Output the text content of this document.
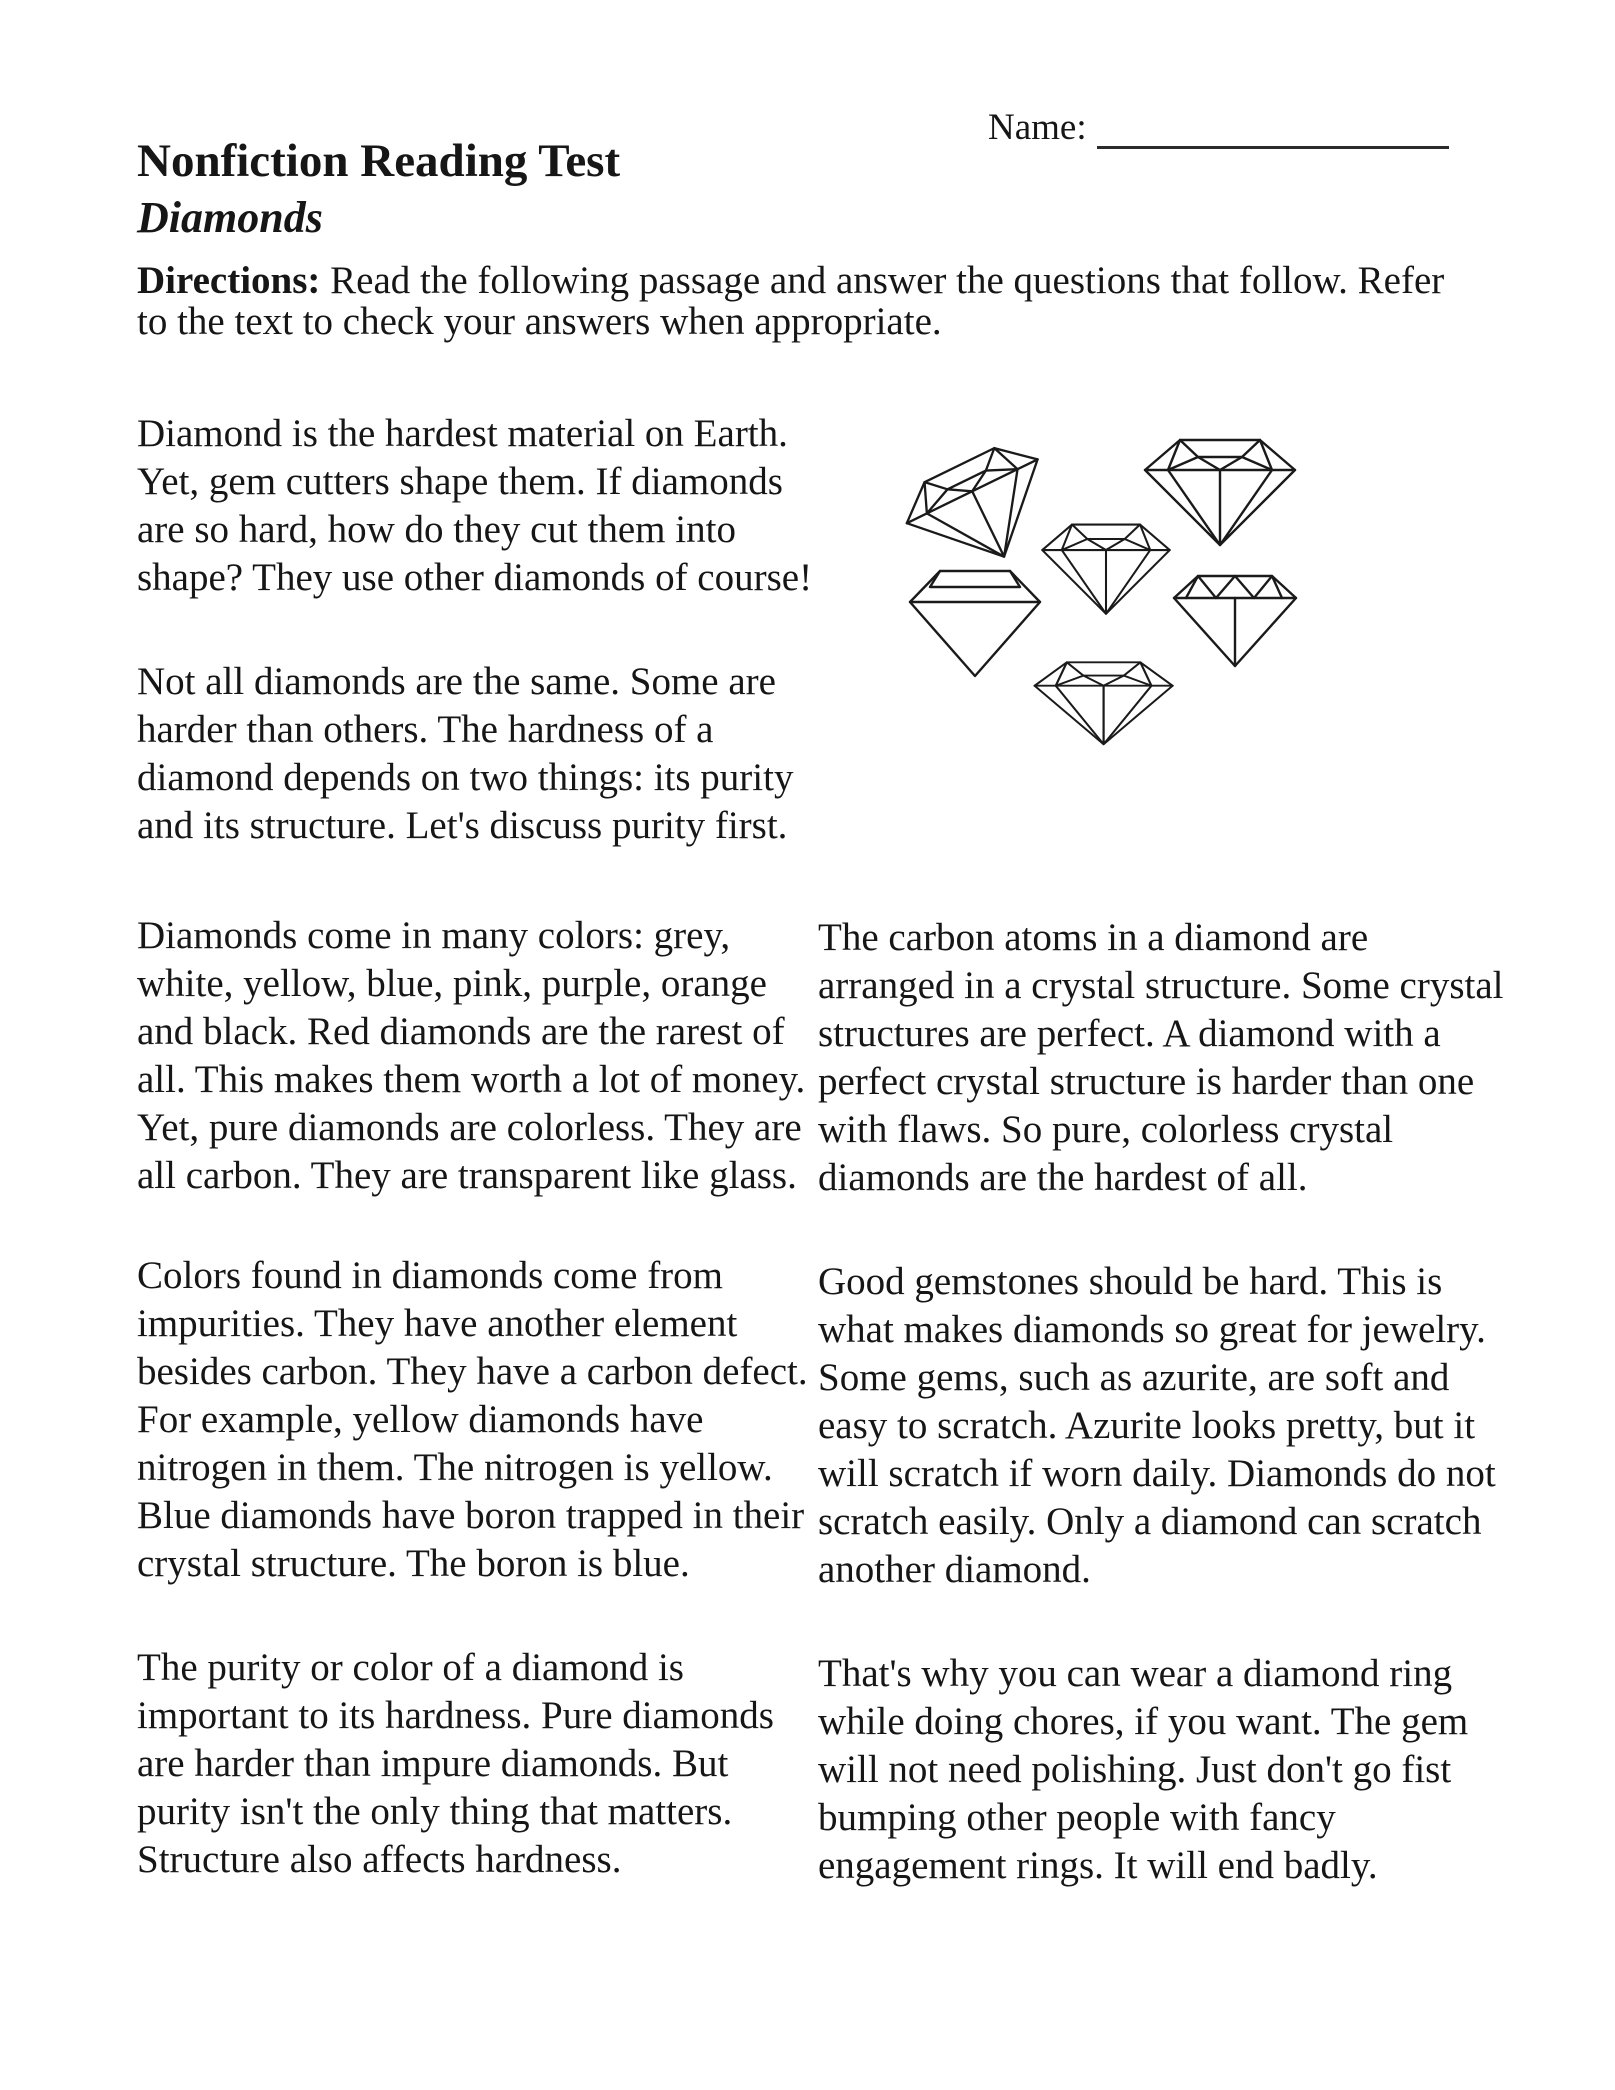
Name:
Nonfiction Reading Test
Diamonds

Directions: Read the following passage and answer the questions that follow. Refer to the text to check your answers when appropriate.

Diamond is the hardest material on Earth. Yet, gem cutters shape them. If diamonds are so hard, how do they cut them into shape? They use other diamonds of course!

Not all diamonds are the same. Some are harder than others. The hardness of a diamond depends on two things: its purity and its structure. Let's discuss purity first.

Diamonds come in many colors: grey, white, yellow, blue, pink, purple, orange and black. Red diamonds are the rarest of all. This makes them worth a lot of money. Yet, pure diamonds are colorless. They are all carbon. They are transparent like glass.

Colors found in diamonds come from impurities. They have another element besides carbon. They have a carbon defect. For example, yellow diamonds have nitrogen in them. The nitrogen is yellow. Blue diamonds have boron trapped in their crystal structure. The boron is blue.

The purity or color of a diamond is important to its hardness. Pure diamonds are harder than impure diamonds. But purity isn't the only thing that matters. Structure also affects hardness.

The carbon atoms in a diamond are arranged in a crystal structure. Some crystal structures are perfect. A diamond with a perfect crystal structure is harder than one with flaws. So pure, colorless crystal diamonds are the hardest of all.

Good gemstones should be hard. This is what makes diamonds so great for jewelry. Some gems, such as azurite, are soft and easy to scratch. Azurite looks pretty, but it will scratch if worn daily. Diamonds do not scratch easily. Only a diamond can scratch another diamond.

That's why you can wear a diamond ring while doing chores, if you want. The gem will not need polishing. Just don't go fist bumping other people with fancy engagement rings. It will end badly.
